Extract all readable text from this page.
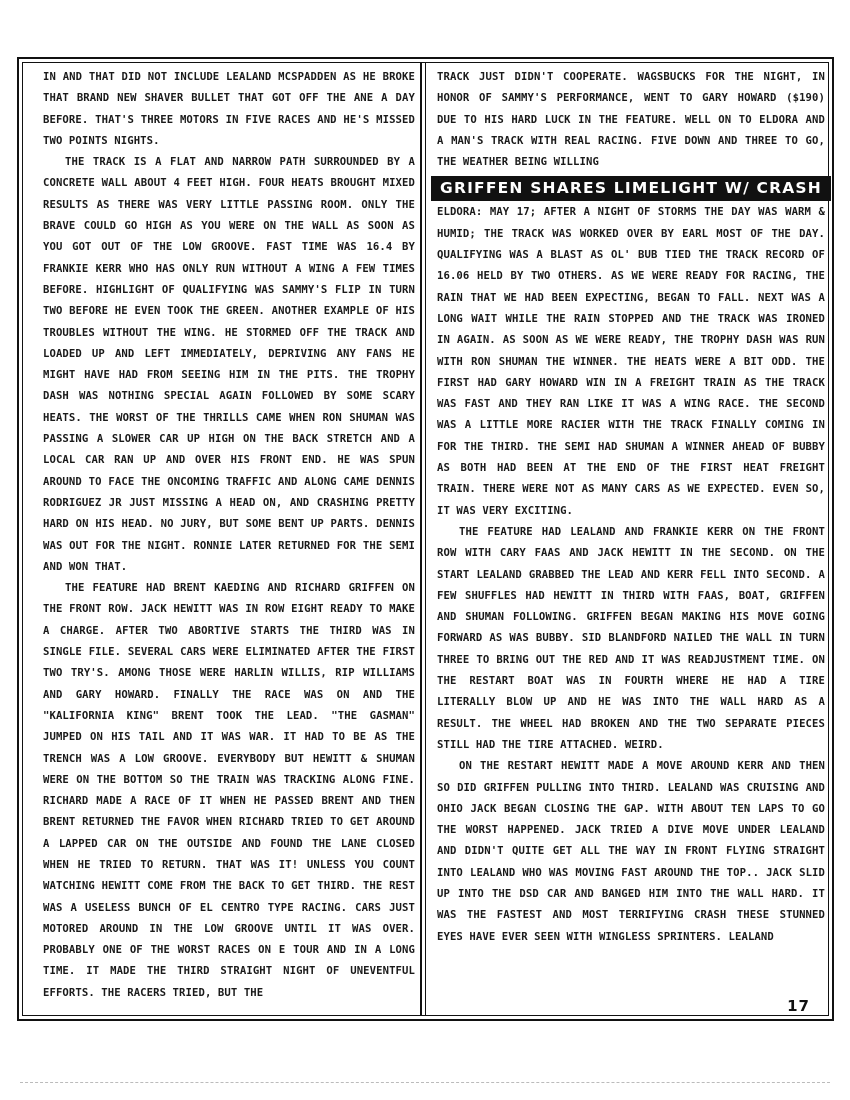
IN AND THAT DID NOT INCLUDE LEALAND MCSPADDEN AS HE BROKE THAT BRAND NEW SHAVER BULLET THAT GOT OFF THE ANE A DAY BEFORE. THAT'S THREE MOTORS IN FIVE RACES AND HE'S MISSED TWO POINTS NIGHTS.

THE TRACK IS A FLAT AND NARROW PATH SURROUNDED BY A CONCRETE WALL ABOUT 4 FEET HIGH. FOUR HEATS BROUGHT MIXED RESULTS AS THERE WAS VERY LITTLE PASSING ROOM. ONLY THE BRAVE COULD GO HIGH AS YOU WERE ON THE WALL AS SOON AS YOU GOT OUT OF THE LOW GROOVE. FAST TIME WAS 16.4 BY FRANKIE KERR WHO HAS ONLY RUN WITHOUT A WING A FEW TIMES BEFORE. HIGHLIGHT OF QUALIFYING WAS SAMMY'S FLIP IN TURN TWO BEFORE HE EVEN TOOK THE GREEN. ANOTHER EXAMPLE OF HIS TROUBLES WITHOUT THE WING. HE STORMED OFF THE TRACK AND LOADED UP AND LEFT IMMEDIATELY, DEPRIVING ANY FANS HE MIGHT HAVE HAD FROM SEEING HIM IN THE PITS. THE TROPHY DASH WAS NOTHING SPECIAL AGAIN FOLLOWED BY SOME SCARY HEATS. THE WORST OF THE THRILLS CAME WHEN RON SHUMAN WAS PASSING A SLOWER CAR UP HIGH ON THE BACK STRETCH AND A LOCAL CAR RAN UP AND OVER HIS FRONT END. HE WAS SPUN AROUND TO FACE THE ONCOMING TRAFFIC AND ALONG CAME DENNIS RODRIGUEZ JR JUST MISSING A HEAD ON, AND CRASHING PRETTY HARD ON HIS HEAD. NO JURY, BUT SOME BENT UP PARTS. DENNIS WAS OUT FOR THE NIGHT. RONNIE LATER RETURNED FOR THE SEMI AND WON THAT.

THE FEATURE HAD BRENT KAEDING AND RICHARD GRIFFEN ON THE FRONT ROW. JACK HEWITT WAS IN ROW EIGHT READY TO MAKE A CHARGE. AFTER TWO ABORTIVE STARTS THE THIRD WAS IN SINGLE FILE. SEVERAL CARS WERE ELIMINATED AFTER THE FIRST TWO TRY'S. AMONG THOSE WERE HARLIN WILLIS, RIP WILLIAMS AND GARY HOWARD. FINALLY THE RACE WAS ON AND THE "KALIFORNIA KING" BRENT TOOK THE LEAD. "THE GASMAN" JUMPED ON HIS TAIL AND IT WAS WAR. IT HAD TO BE AS THE TRENCH WAS A LOW GROOVE. EVERYBODY BUT HEWITT & SHUMAN WERE ON THE BOTTOM SO THE TRAIN WAS TRACKING ALONG FINE. RICHARD MADE A RACE OF IT WHEN HE PASSED BRENT AND THEN BRENT RETURNED THE FAVOR WHEN RICHARD TRIED TO GET AROUND A LAPPED CAR ON THE OUTSIDE AND FOUND THE LANE CLOSED WHEN HE TRIED TO RETURN. THAT WAS IT! UNLESS YOU COUNT WATCHING HEWITT COME FROM THE BACK TO GET THIRD. THE REST WAS A USELESS BUNCH OF EL CENTRO TYPE RACING. CARS JUST MOTORED AROUND IN THE LOW GROOVE UNTIL IT WAS OVER. PROBABLY ONE OF THE WORST RACES ON E TOUR AND IN A LONG TIME. IT MADE THE THIRD STRAIGHT NIGHT OF UNEVENTFUL EFFORTS. THE RACERS TRIED, BUT THE

TRACK JUST DIDN'T COOPERATE. WAGSBUCKS FOR THE NIGHT, IN HONOR OF SAMMY'S PERFORMANCE, WENT TO GARY HOWARD ($190) DUE TO HIS HARD LUCK IN THE FEATURE. WELL ON TO ELDORA AND A MAN'S TRACK WITH REAL RACING. FIVE DOWN AND THREE TO GO, THE WEATHER BEING WILLING

GRIFFEN SHARES LIMELIGHT W/ CRASH

ELDORA: MAY 17; AFTER A NIGHT OF STORMS THE DAY WAS WARM & HUMID; THE TRACK WAS WORKED OVER BY EARL MOST OF THE DAY. QUALIFYING WAS A BLAST AS OL' BUB TIED THE TRACK RECORD OF 16.06 HELD BY TWO OTHERS. AS WE WERE READY FOR RACING, THE RAIN THAT WE HAD BEEN EXPECTING, BEGAN TO FALL. NEXT WAS A LONG WAIT WHILE THE RAIN STOPPED AND THE TRACK WAS IRONED IN AGAIN. AS SOON AS WE WERE READY, THE TROPHY DASH WAS RUN WITH RON SHUMAN THE WINNER. THE HEATS WERE A BIT ODD. THE FIRST HAD GARY HOWARD WIN IN A FREIGHT TRAIN AS THE TRACK WAS FAST AND THEY RAN LIKE IT WAS A WING RACE. THE SECOND WAS A LITTLE MORE RACIER WITH THE TRACK FINALLY COMING IN FOR THE THIRD. THE SEMI HAD SHUMAN A WINNER AHEAD OF BUBBY AS BOTH HAD BEEN AT THE END OF THE FIRST HEAT FREIGHT TRAIN. THERE WERE NOT AS MANY CARS AS WE EXPECTED. EVEN SO, IT WAS VERY EXCITING.

THE FEATURE HAD LEALAND AND FRANKIE KERR ON THE FRONT ROW WITH CARY FAAS AND JACK HEWITT IN THE SECOND. ON THE START LEALAND GRABBED THE LEAD AND KERR FELL INTO SECOND. A FEW SHUFFLES HAD HEWITT IN THIRD WITH FAAS, BOAT, GRIFFEN AND SHUMAN FOLLOWING. GRIFFEN BEGAN MAKING HIS MOVE GOING FORWARD AS WAS BUBBY. SID BLANDFORD NAILED THE WALL IN TURN THREE TO BRING OUT THE RED AND IT WAS READJUSTMENT TIME. ON THE RESTART BOAT WAS IN FOURTH WHERE HE HAD A TIRE LITERALLY BLOW UP AND HE WAS INTO THE WALL HARD AS A RESULT. THE WHEEL HAD BROKEN AND THE TWO SEPARATE PIECES STILL HAD THE TIRE ATTACHED. WEIRD.

ON THE RESTART HEWITT MADE A MOVE AROUND KERR AND THEN SO DID GRIFFEN PULLING INTO THIRD. LEALAND WAS CRUISING AND OHIO JACK BEGAN CLOSING THE GAP. WITH ABOUT TEN LAPS TO GO THE WORST HAPPENED. JACK TRIED A DIVE MOVE UNDER LEALAND AND DIDN'T QUITE GET ALL THE WAY IN FRONT FLYING STRAIGHT INTO LEALAND WHO WAS MOVING FAST AROUND THE TOP.. JACK SLID UP INTO THE DSD CAR AND BANGED HIM INTO THE WALL HARD. IT WAS THE FASTEST AND MOST TERRIFYING CRASH THESE STUNNED EYES HAVE EVER SEEN WITH WINGLESS SPRINTERS. LEALAND

17
